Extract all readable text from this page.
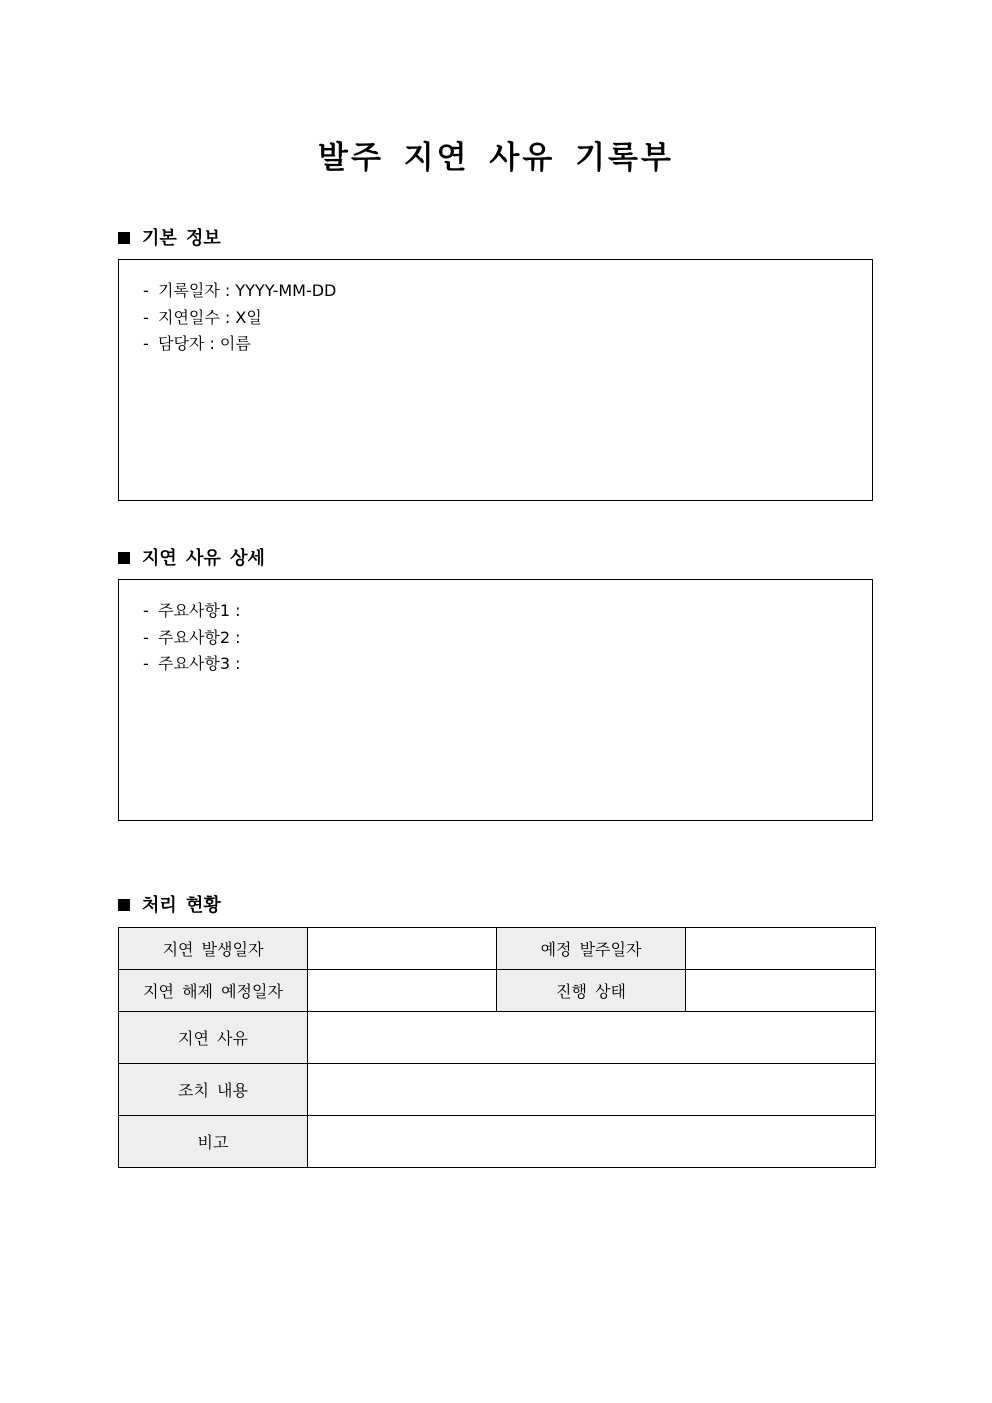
발주 지연 사유 기록부
기본 정보
- 기록일자 : YYYY-MM-DD
- 지연일수 : X일
- 담당자 : 이름
지연 사유 상세
- 주요사항1 :
- 주요사항2 :
- 주요사항3 :
처리 현황
지연 발생일자		예정 발주일자	
지연 해제 예정일자		진행 상태	
지연 사유			
조치 내용			
비고			
